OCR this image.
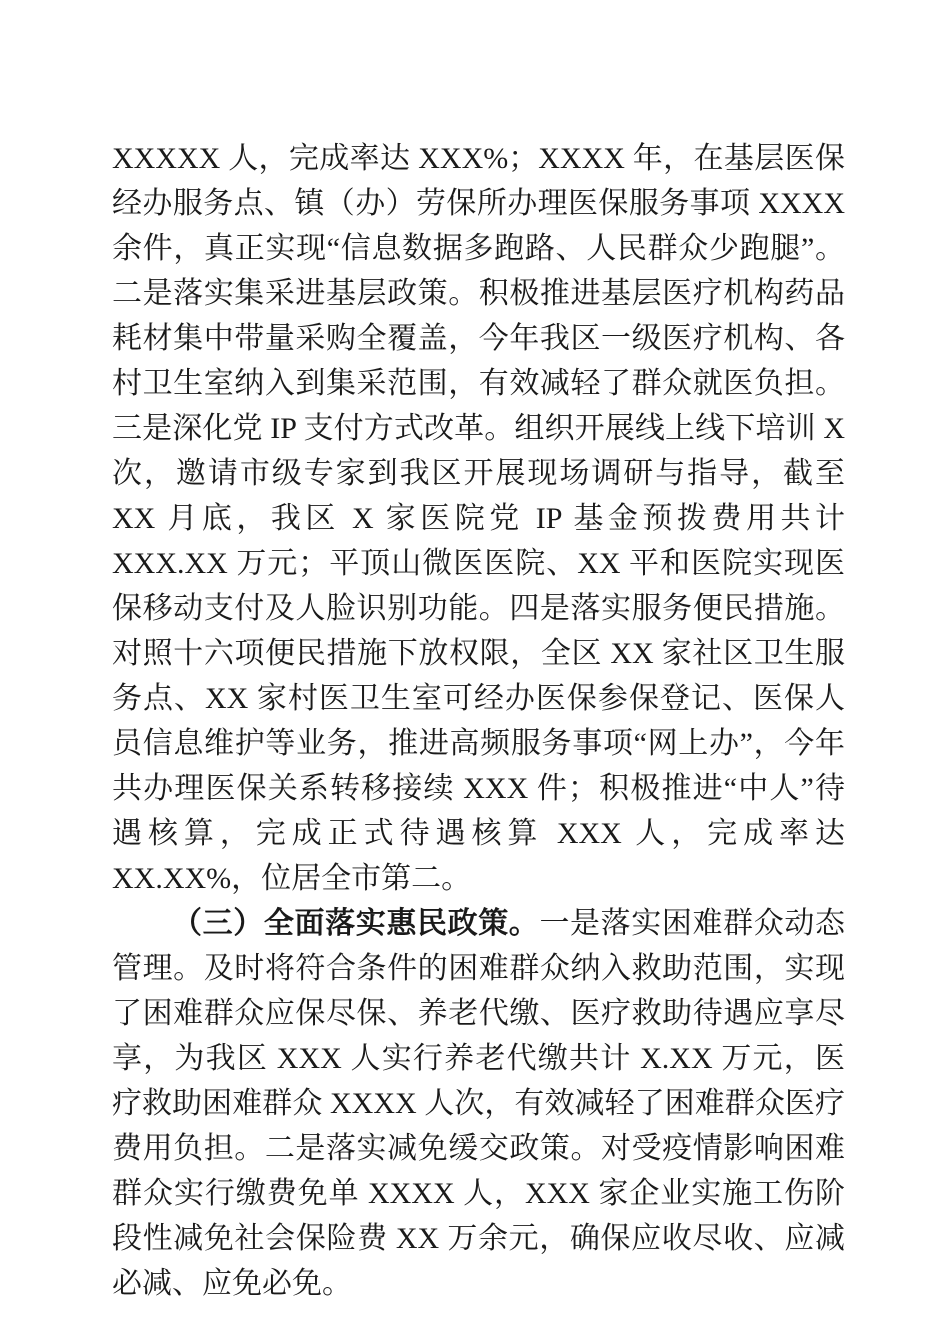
XXXXX 人，完成率达 XXX%；XXXX 年，在基层医保经办服务点、镇（办）劳保所办理医保服务事项 XXXX 余件，真正实现“信息数据多跑路、人民群众少跑腿”。二是落实集采进基层政策。积极推进基层医疗机构药品耗材集中带量采购全覆盖，今年我区一级医疗机构、各村卫生室纳入到集采范围，有效减轻了群众就医负担。三是深化党 IP 支付方式改革。组织开展线上线下培训 X 次，邀请市级专家到我区开展现场调研与指导，截至 XX 月底，我区 X 家医院党 IP 基金预拨费用共计 XXX.XX 万元；平顶山微医医院、XX 平和医院实现医保移动支付及人脸识别功能。四是落实服务便民措施。对照十六项便民措施下放权限，全区 XX 家社区卫生服务点、XX 家村医卫生室可经办医保参保登记、医保人员信息维护等业务，推进高频服务事项“网上办”，今年共办理医保关系转移接续 XXX 件；积极推进“中人”待遇核算，完成正式待遇核算 XXX 人，完成率达 XX.XX%，位居全市第二。

（三）全面落实惠民政策。一是落实困难群众动态管理。及时将符合条件的困难群众纳入救助范围，实现了困难群众应保尽保、养老代缴、医疗救助待遇应享尽享，为我区 XXX 人实行养老代缴共计 X.XX 万元，医疗救助困难群众 XXXX 人次，有效减轻了困难群众医疗费用负担。二是落实减免缓交政策。对受疫情影响困难群众实行缴费免单 XXXX 人，XXX 家企业实施工伤阶段性减免社会保险费 XX 万余元，确保应收尽收、应减必减、应免必免。
